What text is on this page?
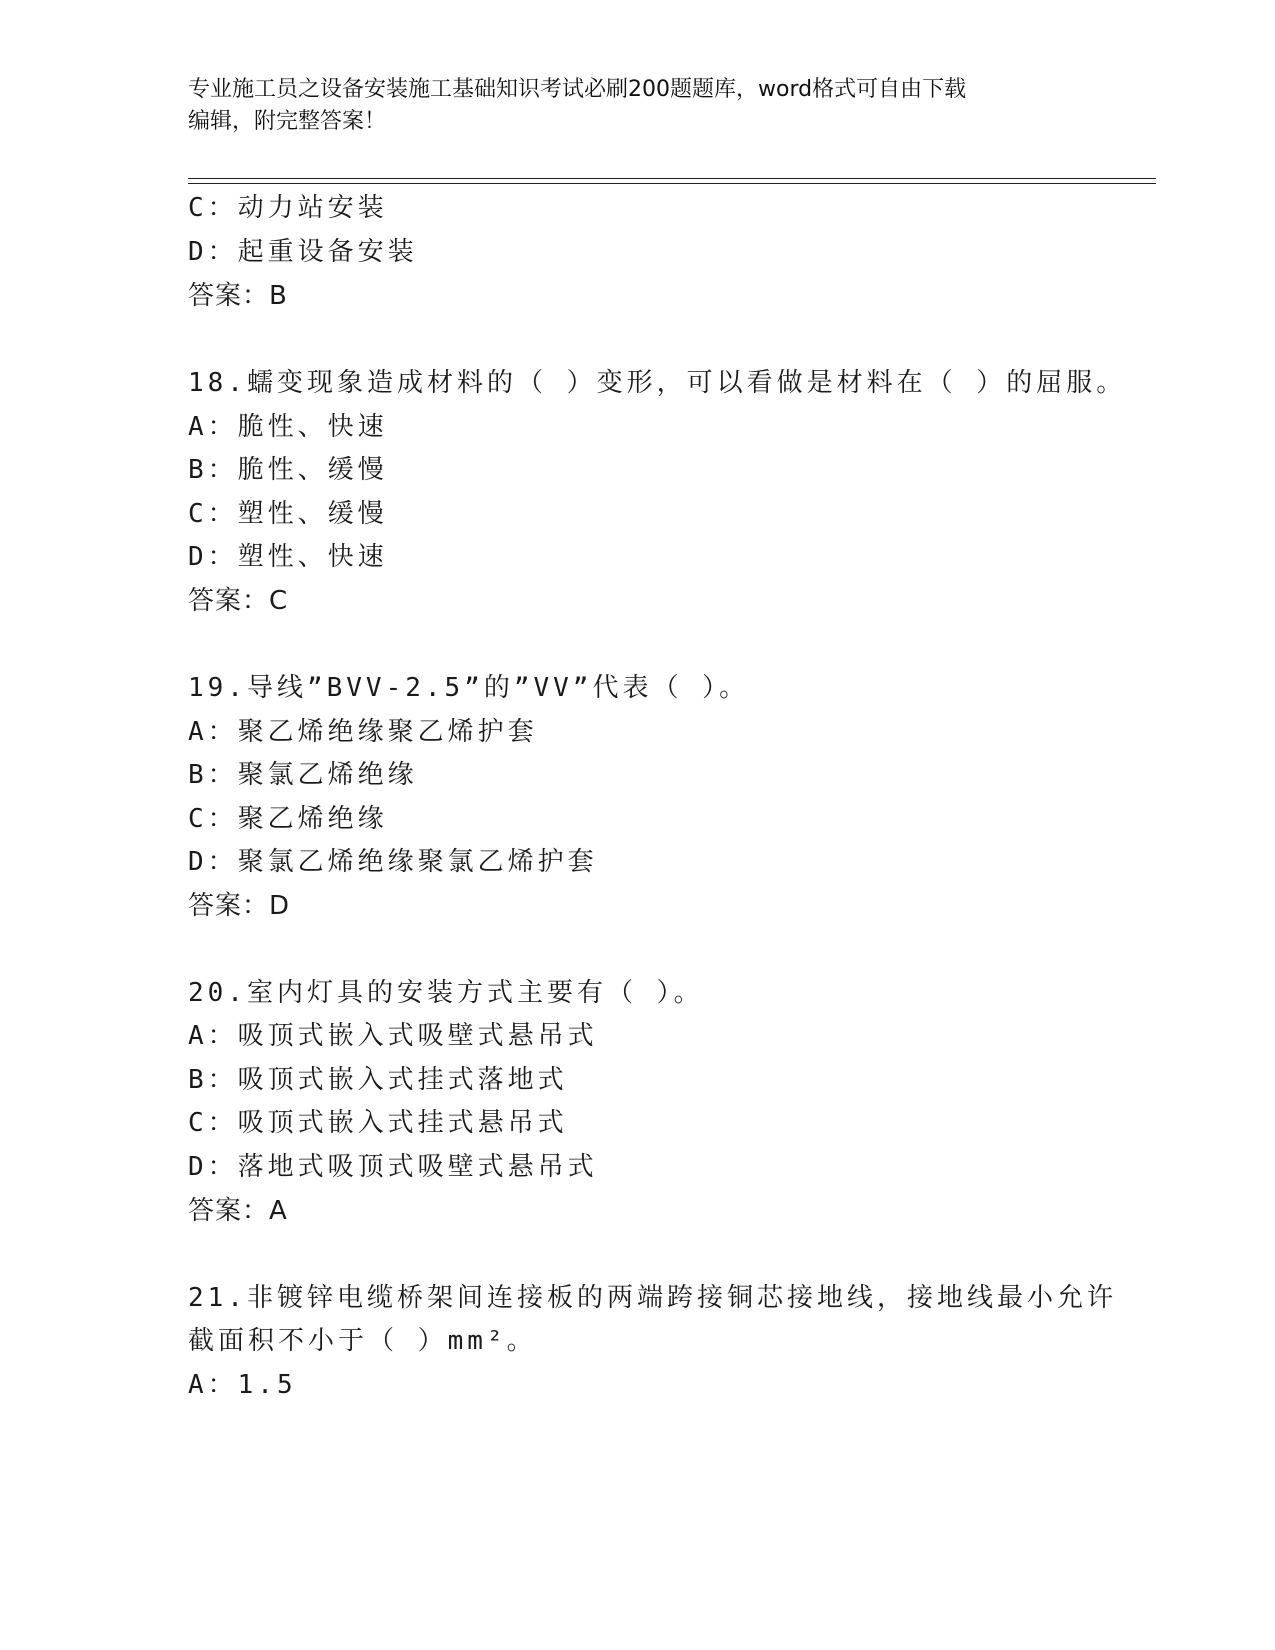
专业施工员之设备安装施工基础知识考试必刷200题题库，word格式可自由下载
编辑，附完整答案！
C：动力站安装
D：起重设备安装
答案：B
18.蠕变现象造成材料的（ ）变形，可以看做是材料在（ ）的屈服。
A：脆性、快速
B：脆性、缓慢
C：塑性、缓慢
D：塑性、快速
答案：C
19.导线”BVV-2.5”的”VV”代表（ ）。
A：聚乙烯绝缘聚乙烯护套
B：聚氯乙烯绝缘
C：聚乙烯绝缘
D：聚氯乙烯绝缘聚氯乙烯护套
答案：D
20.室内灯具的安装方式主要有（ ）。
A：吸顶式嵌入式吸壁式悬吊式
B：吸顶式嵌入式挂式落地式
C：吸顶式嵌入式挂式悬吊式
D：落地式吸顶式吸壁式悬吊式
答案：A
21.非镀锌电缆桥架间连接板的两端跨接铜芯接地线，接地线最小允许
截面积不小于（ ）mm²。
A：1.5
